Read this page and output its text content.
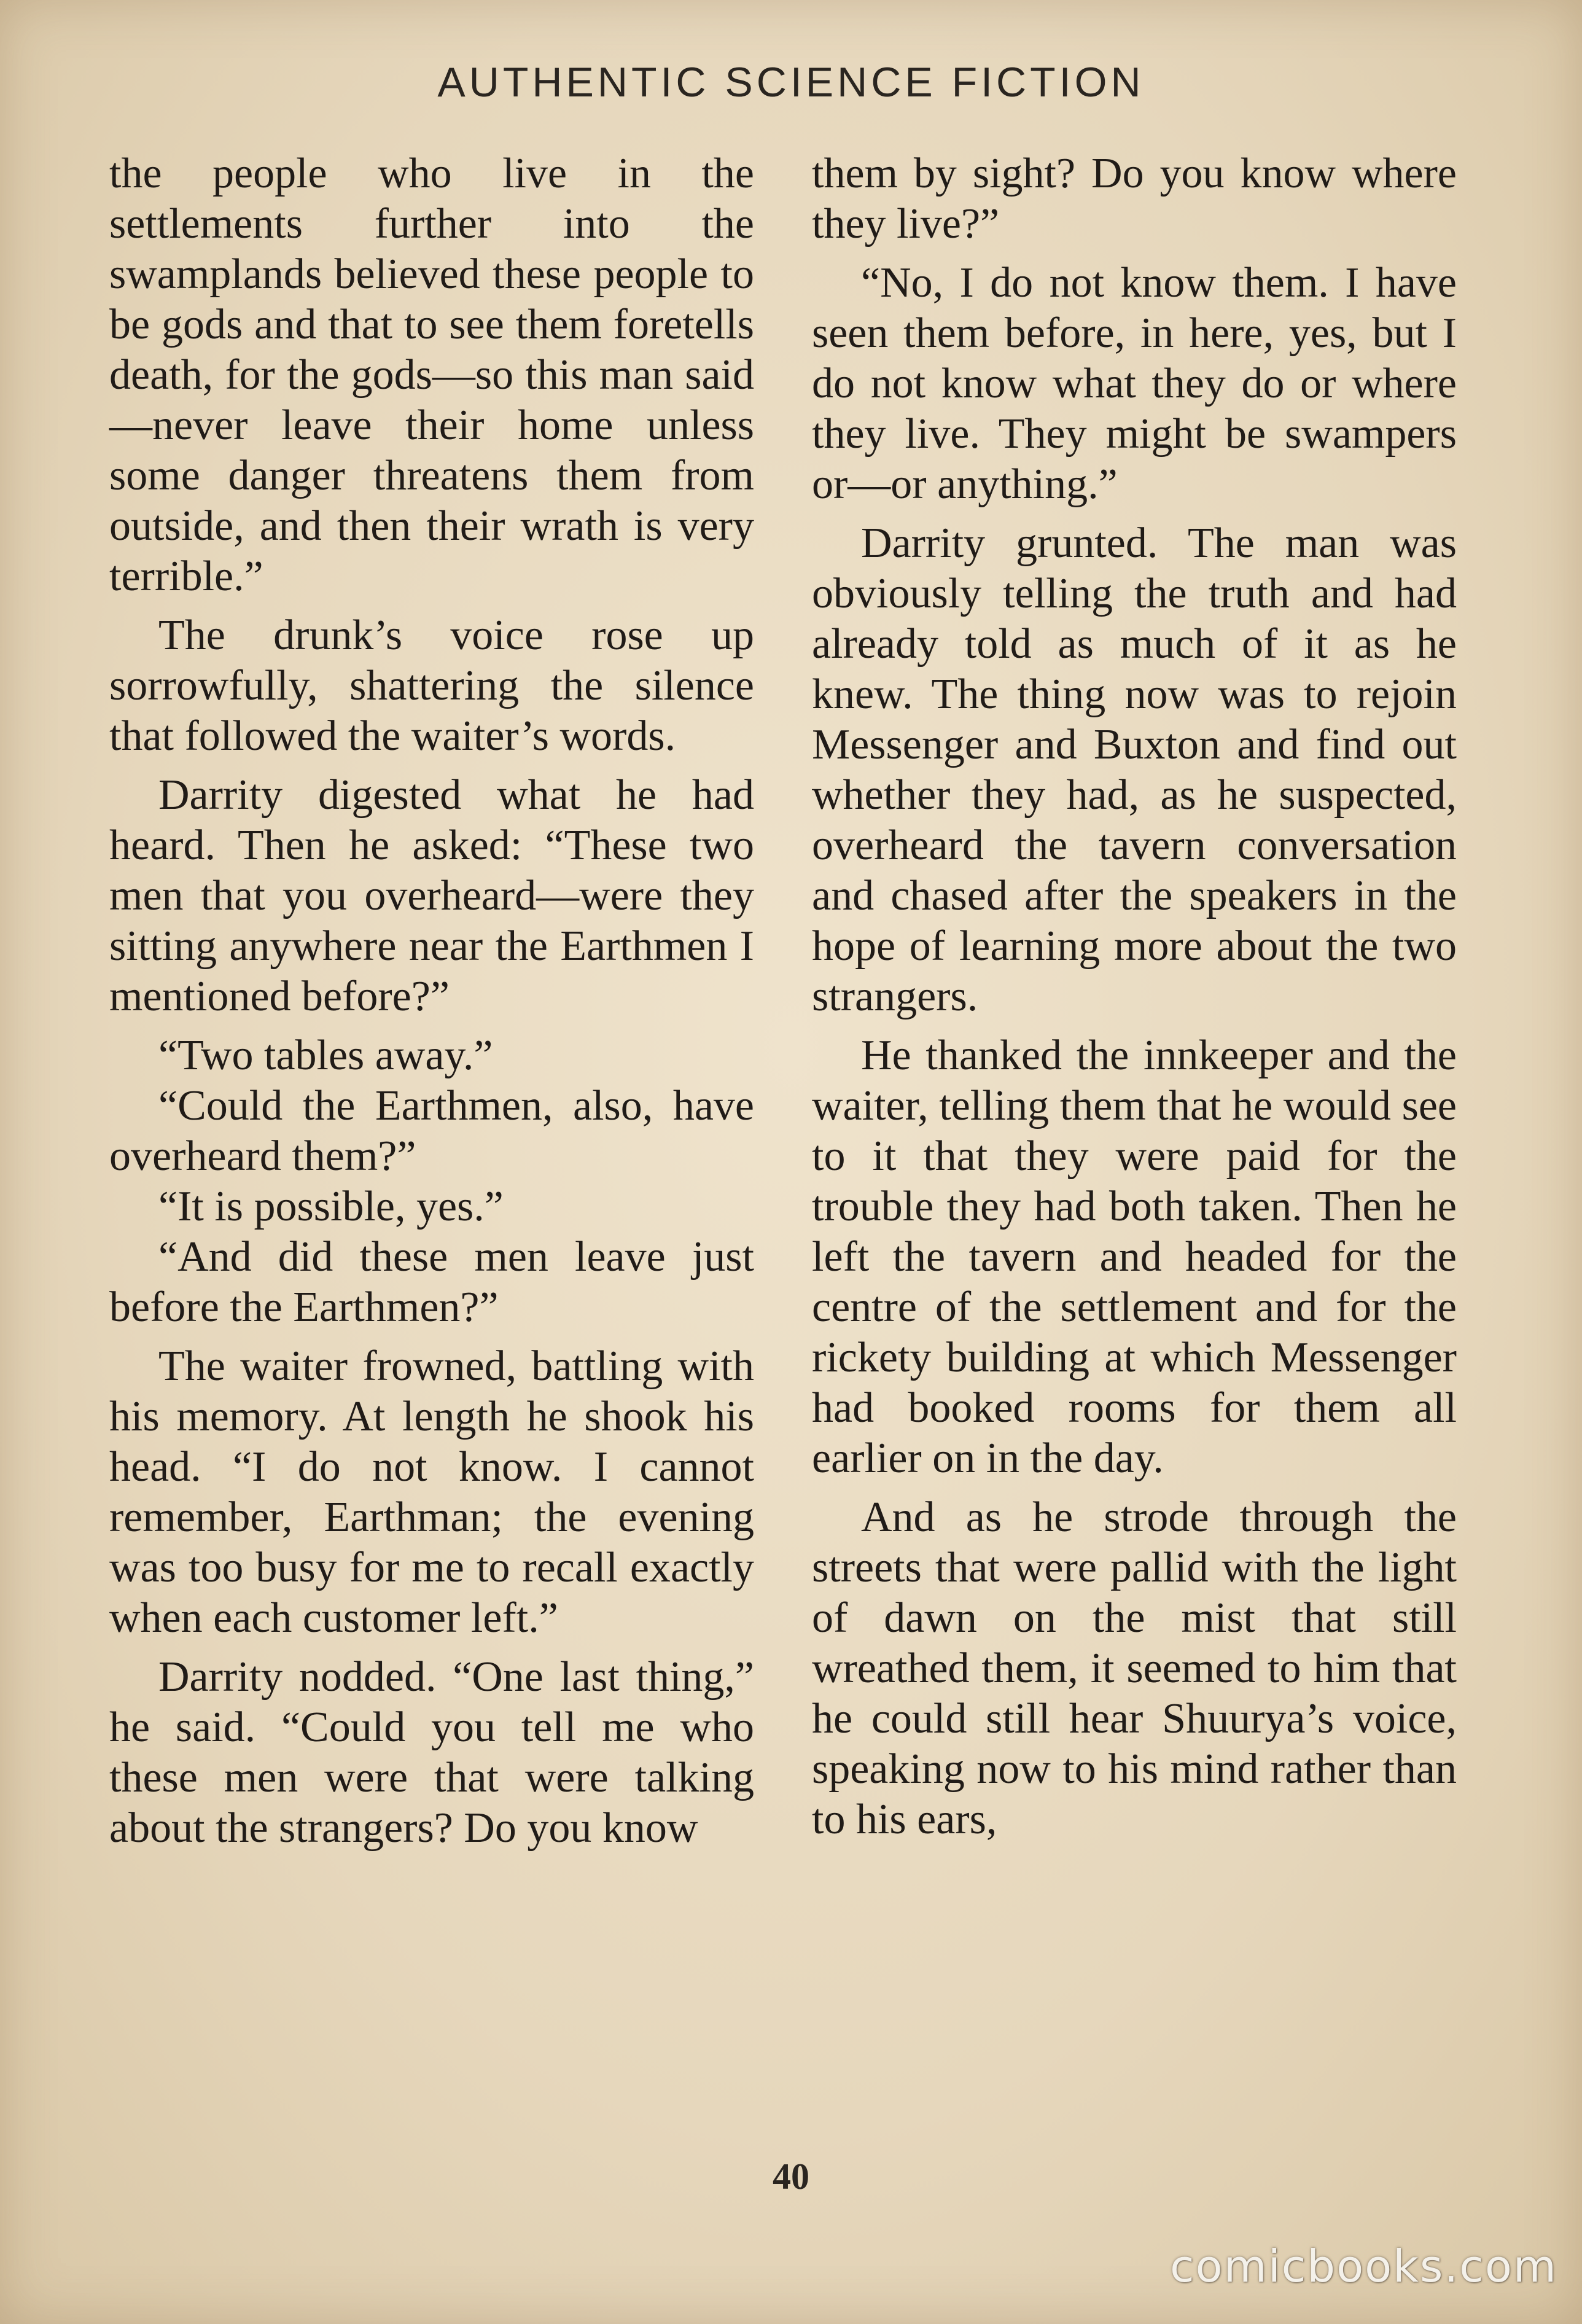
AUTHENTIC SCIENCE FICTION

the people who live in the settlements further into the swamplands believed these people to be gods and that to see them foretells death, for the gods—so this man said—never leave their home unless some danger threatens them from outside, and then their wrath is very terrible.”

The drunk’s voice rose up sorrowfully, shattering the silence that followed the waiter’s words.

Darrity digested what he had heard. Then he asked: “These two men that you overheard—were they sitting anywhere near the Earthmen I mentioned before?”

“Two tables away.”

“Could the Earthmen, also, have overheard them?”

“It is possible, yes.”

“And did these men leave just before the Earthmen?”

The waiter frowned, battling with his memory. At length he shook his head. “I do not know. I cannot remember, Earthman; the evening was too busy for me to recall exactly when each customer left.”

Darrity nodded. “One last thing,” he said. “Could you tell me who these men were that were talking about the strangers? Do you know

them by sight? Do you know where they live?”

“No, I do not know them. I have seen them before, in here, yes, but I do not know what they do or where they live. They might be swampers or—or anything.”

Darrity grunted. The man was obviously telling the truth and had already told as much of it as he knew. The thing now was to rejoin Messenger and Buxton and find out whether they had, as he suspected, overheard the tavern conversation and chased after the speakers in the hope of learning more about the two strangers.

He thanked the innkeeper and the waiter, telling them that he would see to it that they were paid for the trouble they had both taken. Then he left the tavern and headed for the centre of the settlement and for the rickety building at which Messenger had booked rooms for them all earlier on in the day.

And as he strode through the streets that were pallid with the light of dawn on the mist that still wreathed them, it seemed to him that he could still hear Shuurya’s voice, speaking now to his mind rather than to his ears,

40
comicbooks.com
